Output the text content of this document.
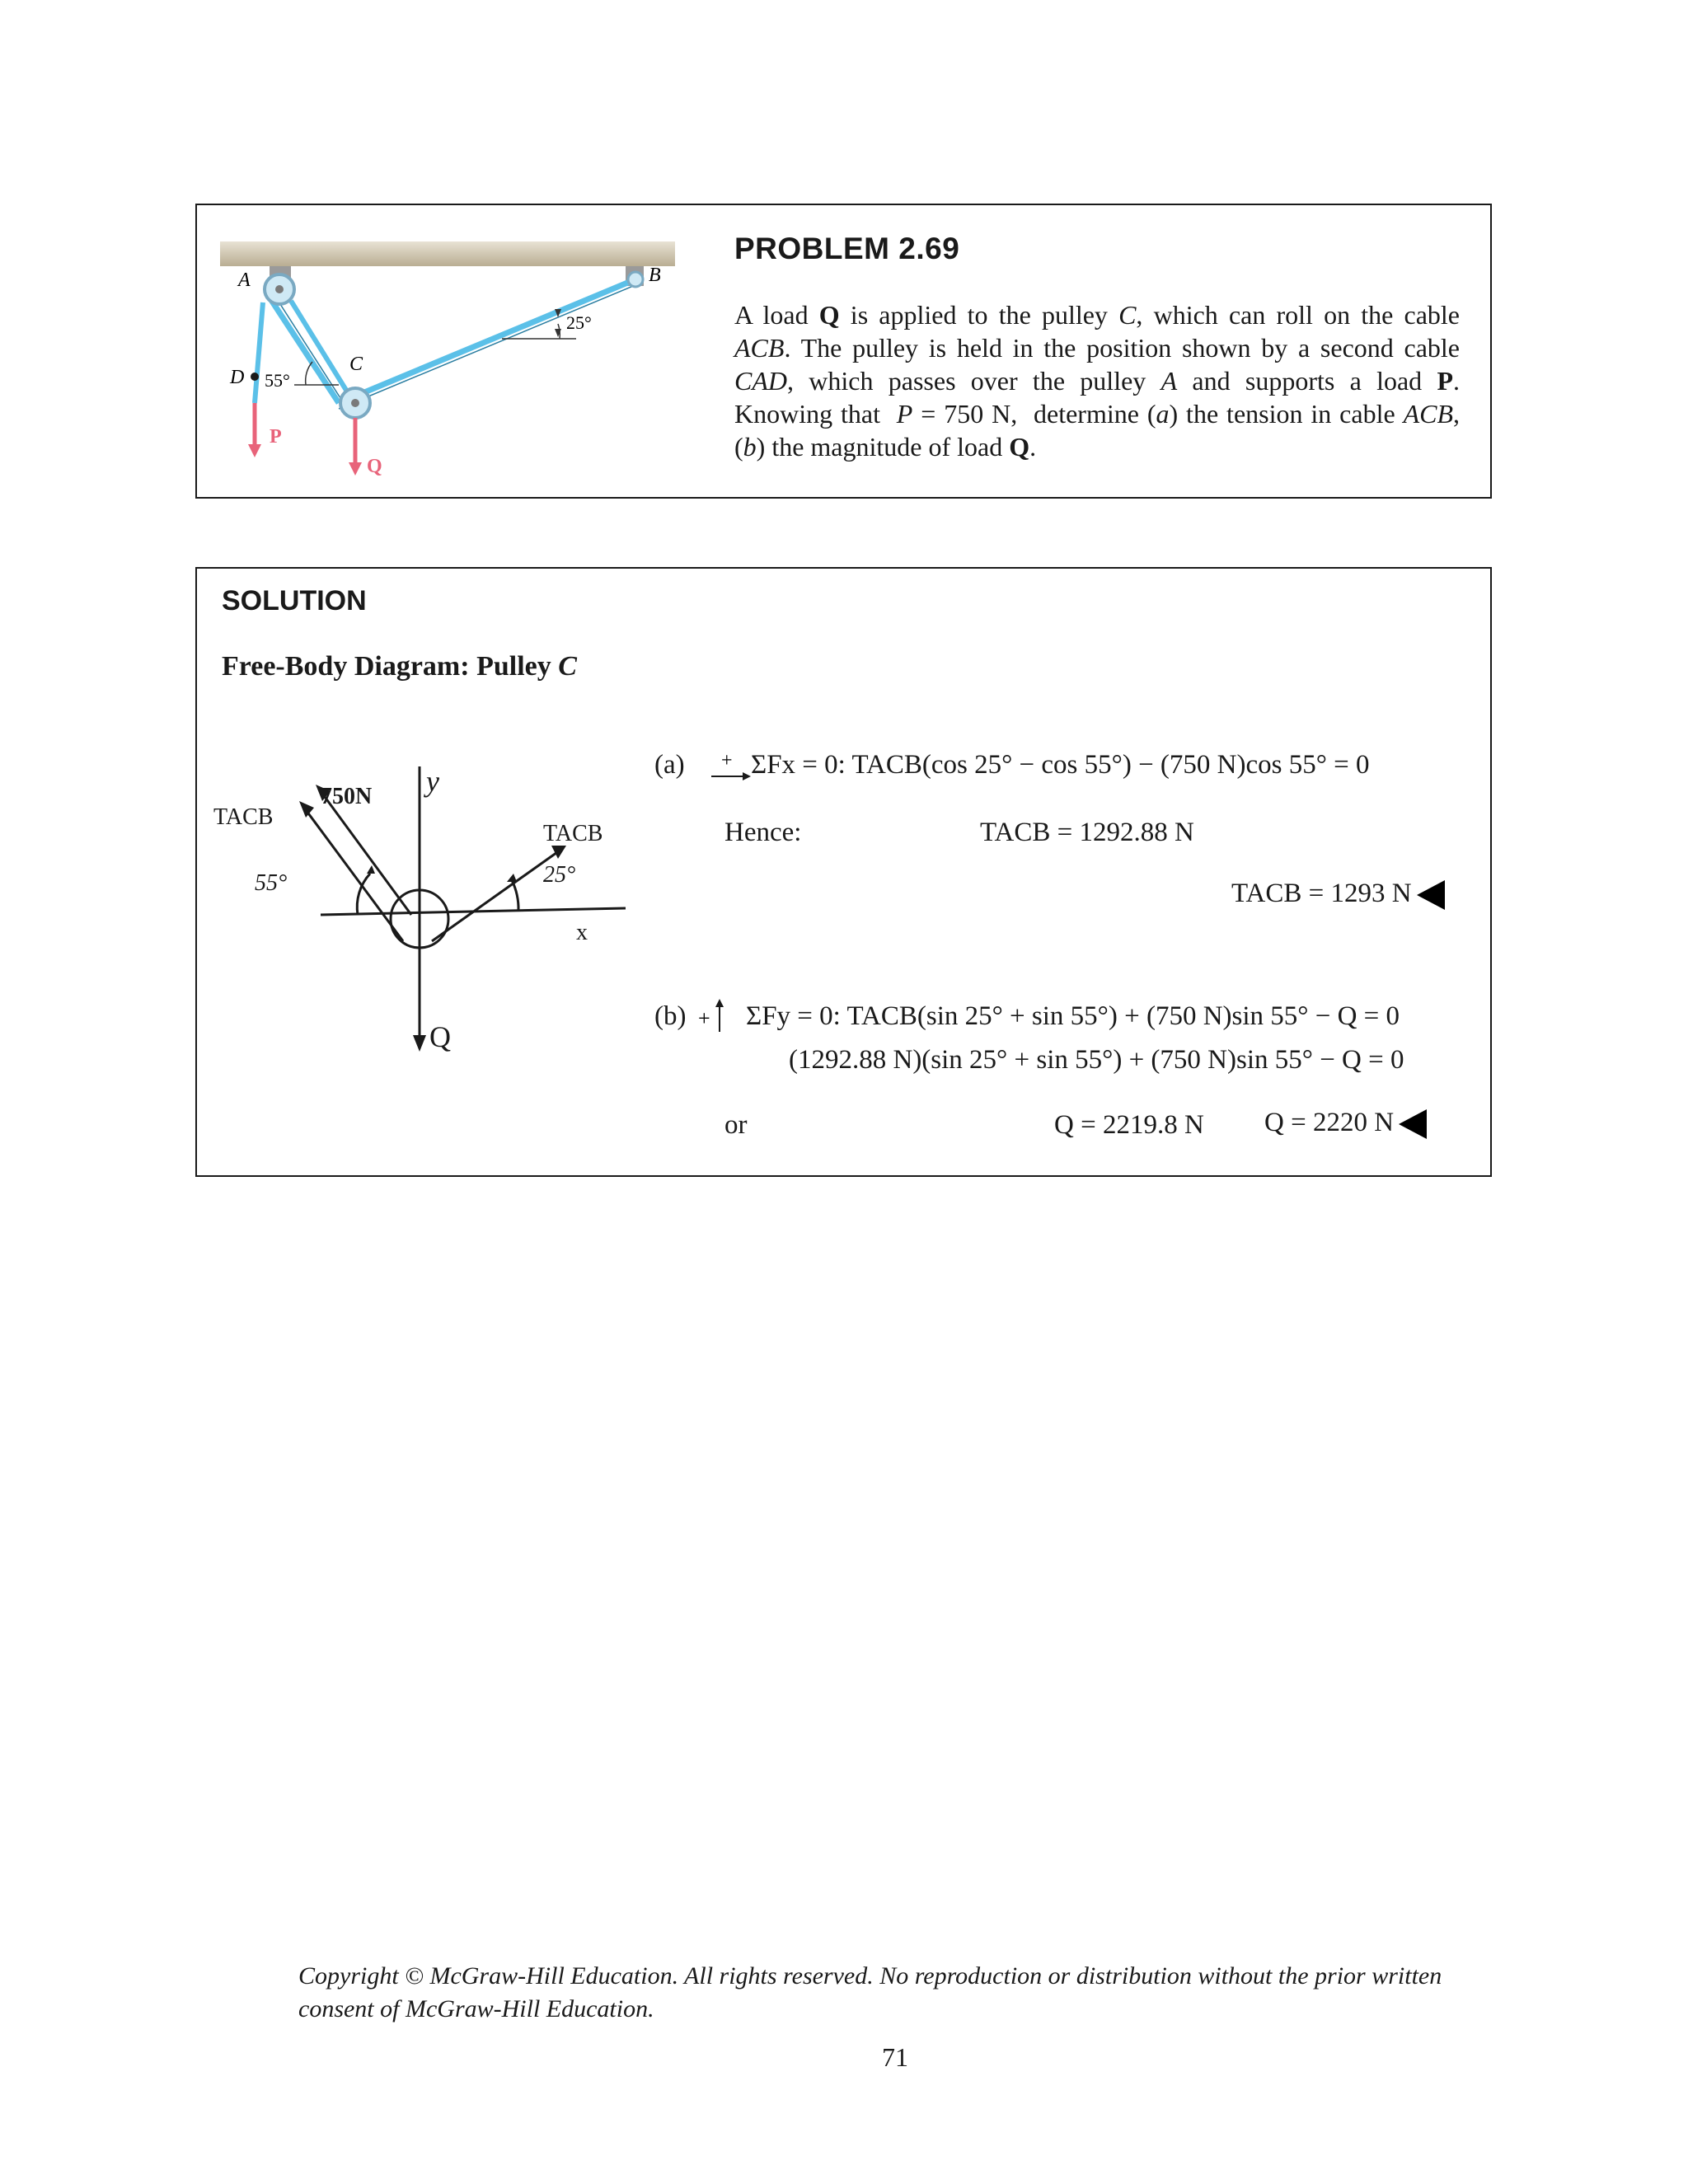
A	B
C
D
P
Q
55°
25°
PROBLEM 2.69
A load Q is applied to the pulley C, which can roll on the cable ACB. The pulley is held in the position shown by a second cable CAD, which passes over the pulley A and supports a load P. Knowing that  P = 750 N,  determine (a) the tension in cable ACB, (b) the magnitude of load Q.
SOLUTION
Free-Body Diagram: Pulley C
TACB
750N y
TACB
25°
55°
x
Q
(a) + ΣFx = 0: TACB(cos 25° − cos 55°) − (750 N)cos 55° = 0
Hence:	TACB = 1292.88 N
TACB = 1293 N
(b) + ΣFy = 0: TACB(sin 25° + sin 55°) + (750 N)sin 55° − Q = 0
(1292.88 N)(sin 25° + sin 55°) + (750 N)sin 55° − Q = 0
or	Q = 2219.8 N Q = 2220 N
Copyright © McGraw-Hill Education. All rights reserved. No reproduction or distribution without the prior written consent of McGraw-Hill Education.
71
